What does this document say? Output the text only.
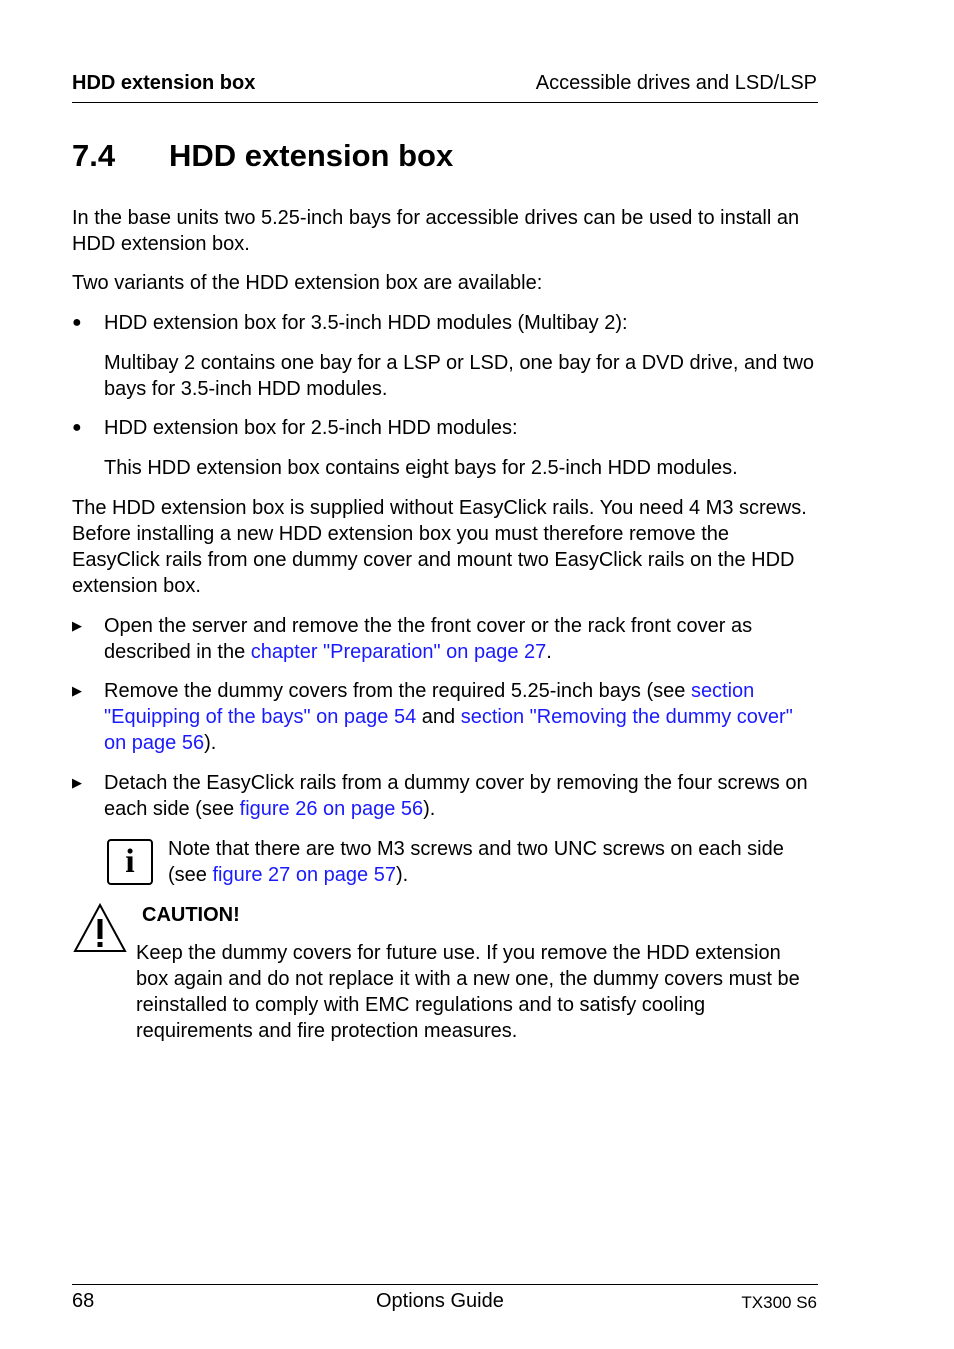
HDD extension box	Accessible drives and LSD/LSP
7.4 HDD extension box
In the base units two 5.25-inch bays for accessible drives can be used to install an HDD extension box.
Two variants of the HDD extension box are available:
● HDD extension box for 3.5-inch HDD modules (Multibay 2):
Multibay 2 contains one bay for a LSP or LSD, one bay for a DVD drive, and two bays for 3.5-inch HDD modules.
● HDD extension box for 2.5-inch HDD modules:
This HDD extension box contains eight bays for 2.5-inch HDD modules.
The HDD extension box is supplied without EasyClick rails. You need 4 M3 screws. Before installing a new HDD extension box you must therefore remove the EasyClick rails from one dummy cover and mount two EasyClick rails on the HDD extension box.
▶ Open the server and remove the the front cover or the rack front cover as described in the chapter "Preparation" on page 27.
▶ Remove the dummy covers from the required 5.25-inch bays (see section "Equipping of the bays" on page 54 and section "Removing the dummy cover" on page 56).
▶ Detach the EasyClick rails from a dummy cover by removing the four screws on each side (see figure 26 on page 56).
i Note that there are two M3 screws and two UNC screws on each side (see figure 27 on page 57).
CAUTION!
Keep the dummy covers for future use. If you remove the HDD extension box again and do not replace it with a new one, the dummy covers must be reinstalled to comply with EMC regulations and to satisfy cooling requirements and fire protection measures.
68	Options Guide	TX300 S6
